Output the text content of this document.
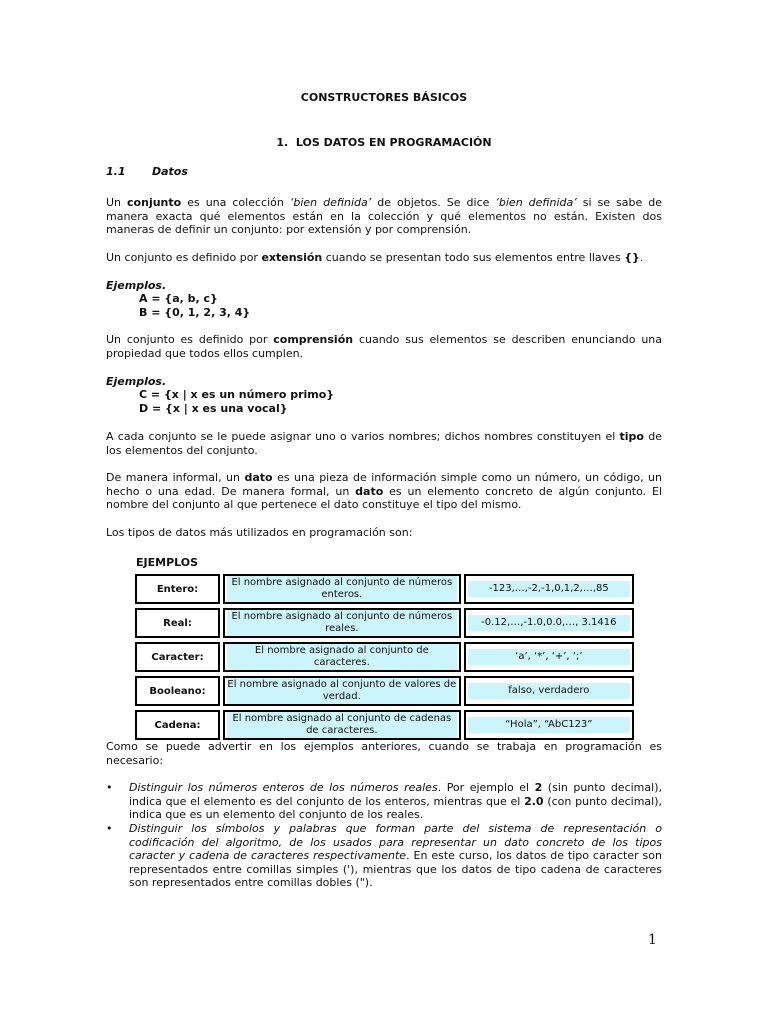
CONSTRUCTORES BÁSICOS
1. LOS DATOS EN PROGRAMACIÓN
1.1 Datos
Un conjunto es una colección ‘bien definida’ de objetos. Se dice ‘bien definida’ si se sabe de manera exacta qué elementos están en la colección y qué elementos no están. Existen dos maneras de definir un conjunto: por extensión y por comprensión.
Un conjunto es definido por extensión cuando se presentan todo sus elementos entre llaves {}.
Ejemplos.
A = {a, b, c}
B = {0, 1, 2, 3, 4}
Un conjunto es definido por comprensión cuando sus elementos se describen enunciando una propiedad que todos ellos cumplen.
Ejemplos.
C = {x | x es un número primo}
D = {x | x es una vocal}
A cada conjunto se le puede asignar uno o varios nombres; dichos nombres constituyen el tipo de los elementos del conjunto.
De manera informal, un dato es una pieza de información simple como un número, un código, un hecho o una edad. De manera formal, un dato es un elemento concreto de algún conjunto. El nombre del conjunto al que pertenece el dato constituye el tipo del mismo.
Los tipos de datos más utilizados en programación son:
EJEMPLOS
Entero:		El nombre asignado al conjunto de números enteros.		-123,…,-2,-1,0,1,2,…,85

Real:		El nombre asignado al conjunto de números reales.		-0.12,…,-1.0,0.0,…, 3.1416

Caracter:		El nombre asignado al conjunto de caracteres.		‘a’, ‘*’, ‘+’, ‘;’

Booleano:		El nombre asignado al conjunto de valores de verdad.		falso, verdadero

Cadena:		El nombre asignado al conjunto de cadenas de caracteres.		“Hola”, “AbC123”
Como se puede advertir en los ejemplos anteriores, cuando se trabaja en programación es necesario:
• Distinguir los números enteros de los números reales. Por ejemplo el 2 (sin punto decimal), indica que el elemento es del conjunto de los enteros, mientras que el 2.0 (con punto decimal), indica que es un elemento del conjunto de los reales.
• Distinguir los símbolos y palabras que forman parte del sistema de representación o codificación del algoritmo, de los usados para representar un dato concreto de los tipos caracter y cadena de caracteres respectivamente. En este curso, los datos de tipo caracter son representados entre comillas simples ('), mientras que los datos de tipo cadena de caracteres son representados entre comillas dobles (").
1
